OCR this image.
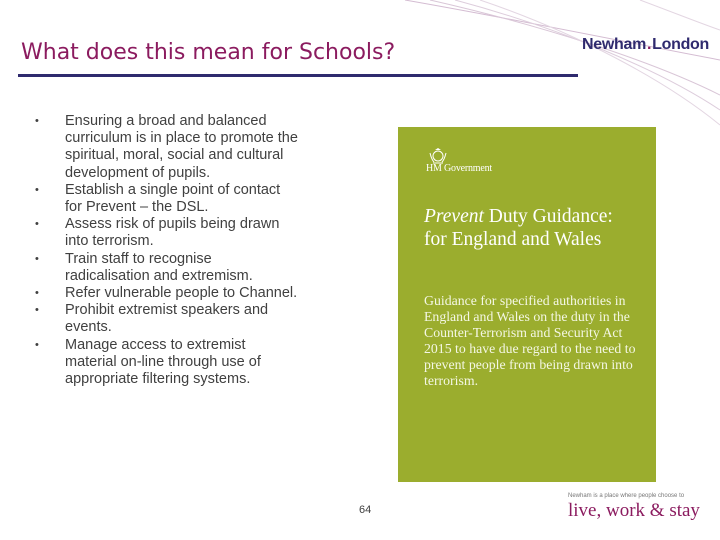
What does this mean for Schools?	Newham.London
• Ensuring a broad and balanced curriculum is in place to promote the spiritual, moral, social and cultural development of pupils.
• Establish a single point of contact for Prevent – the DSL.
• Assess risk of pupils being drawn into terrorism.
• Train staff to recognise radicalisation and extremism.
• Refer vulnerable people to Channel.
• Prohibit extremist speakers and events.
• Manage access to extremist material on-line through use of appropriate filtering systems.
HM Government
Prevent Duty Guidance:
for England and Wales
Guidance for specified authorities in England and Wales on the duty in the Counter-Terrorism and Security Act 2015 to have due regard to the need to prevent people from being drawn into terrorism.
64
Newham is a place where people choose to
live, work & stay
